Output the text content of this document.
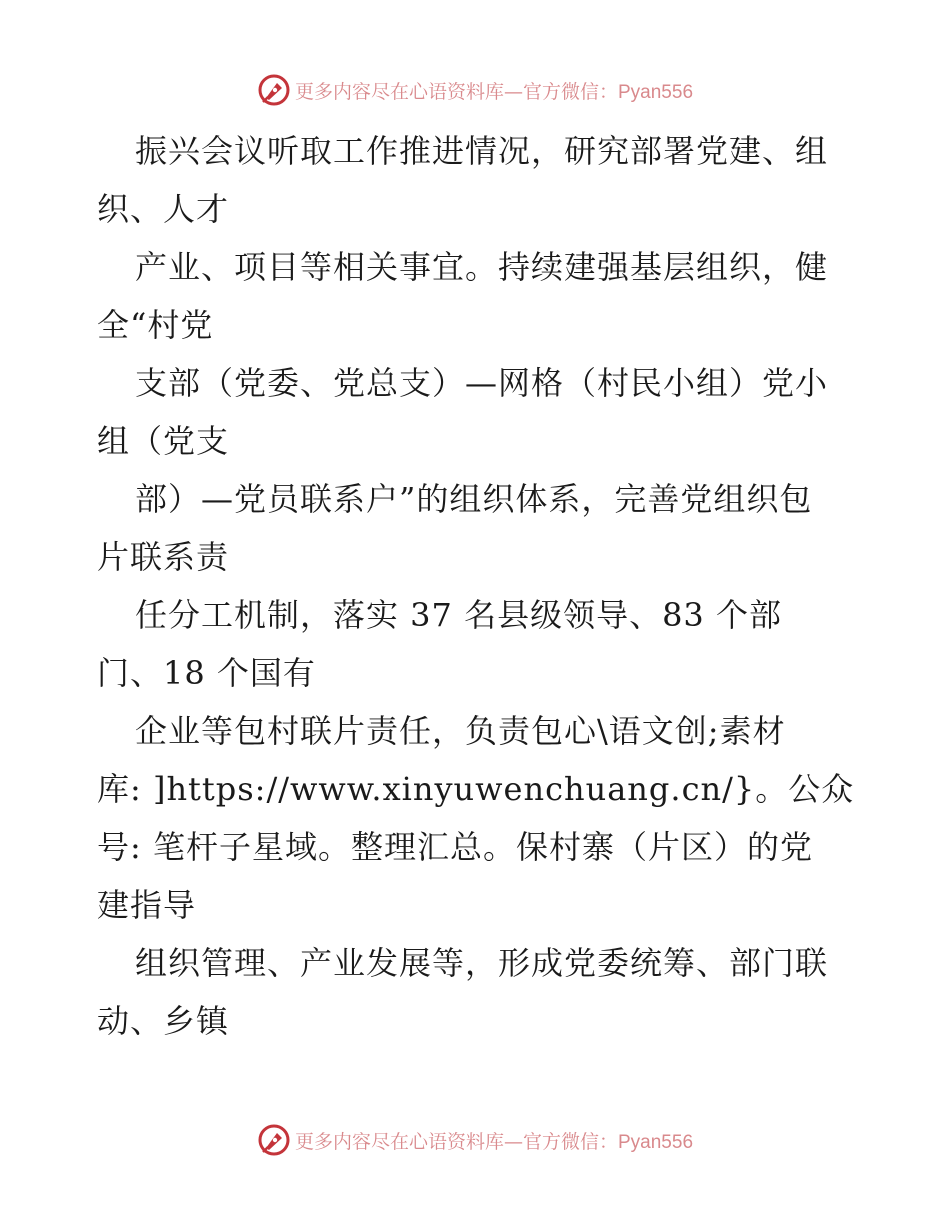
更多内容尽在心语资料库—官方微信：Pyan556
振兴会议听取工作推进情况，研究部署党建、组
织、人才
产业、项目等相关事宜。持续建强基层组织，健
全“村党
支部（党委、党总支）—网格（村民小组）党小
组（党支
部）—党员联系户”的组织体系，完善党组织包
片联系责
任分工机制，落实 37 名县级领导、83 个部
门、18 个国有
企业等包村联片责任，负责包心\语文创;素材
库: ]https://www.xinyuwenchuang.cn/}。公众
号: 笔杆子星域。整理汇总。保村寨（片区）的党
建指导
组织管理、产业发展等，形成党委统筹、部门联
动、乡镇
更多内容尽在心语资料库—官方微信：Pyan556
